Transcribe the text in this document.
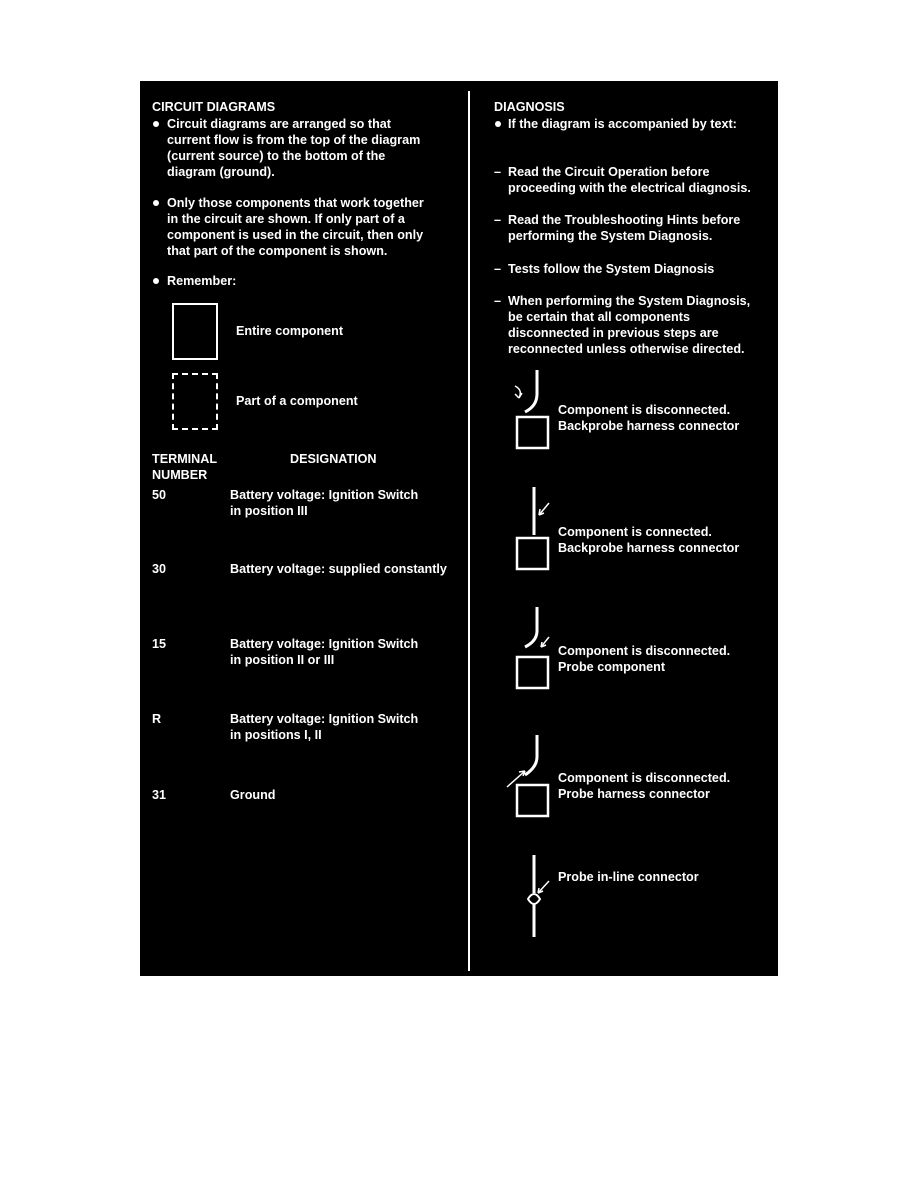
CIRCUIT DIAGRAMS
Circuit diagrams are arranged so that
current flow is from the top of the diagram
(current source) to the bottom of the
diagram (ground).
Only those components that work together
in the circuit are shown. If only part of a
component is used in the circuit, then only
that part of the component is shown.
Remember:
Entire component
Part of a component
TERMINAL
NUMBER
DESIGNATION
50	Battery voltage: Ignition Switch
in position III
30	Battery voltage: supplied constantly
15	Battery voltage: Ignition Switch
in position II or III
R	Battery voltage: Ignition Switch
in positions I, II
31	Ground
DIAGNOSIS
If the diagram is accompanied by text:
– Read the Circuit Operation before
proceeding with the electrical diagnosis.
– Read the Troubleshooting Hints before
performing the System Diagnosis.
– Tests follow the System Diagnosis
– When performing the System Diagnosis,
be certain that all components
disconnected in previous steps are
reconnected unless otherwise directed.
Component is disconnected.
Backprobe harness connector
Component is connected.
Backprobe harness connector
Component is disconnected.
Probe component
Component is disconnected.
Probe harness connector
Probe in-line connector
